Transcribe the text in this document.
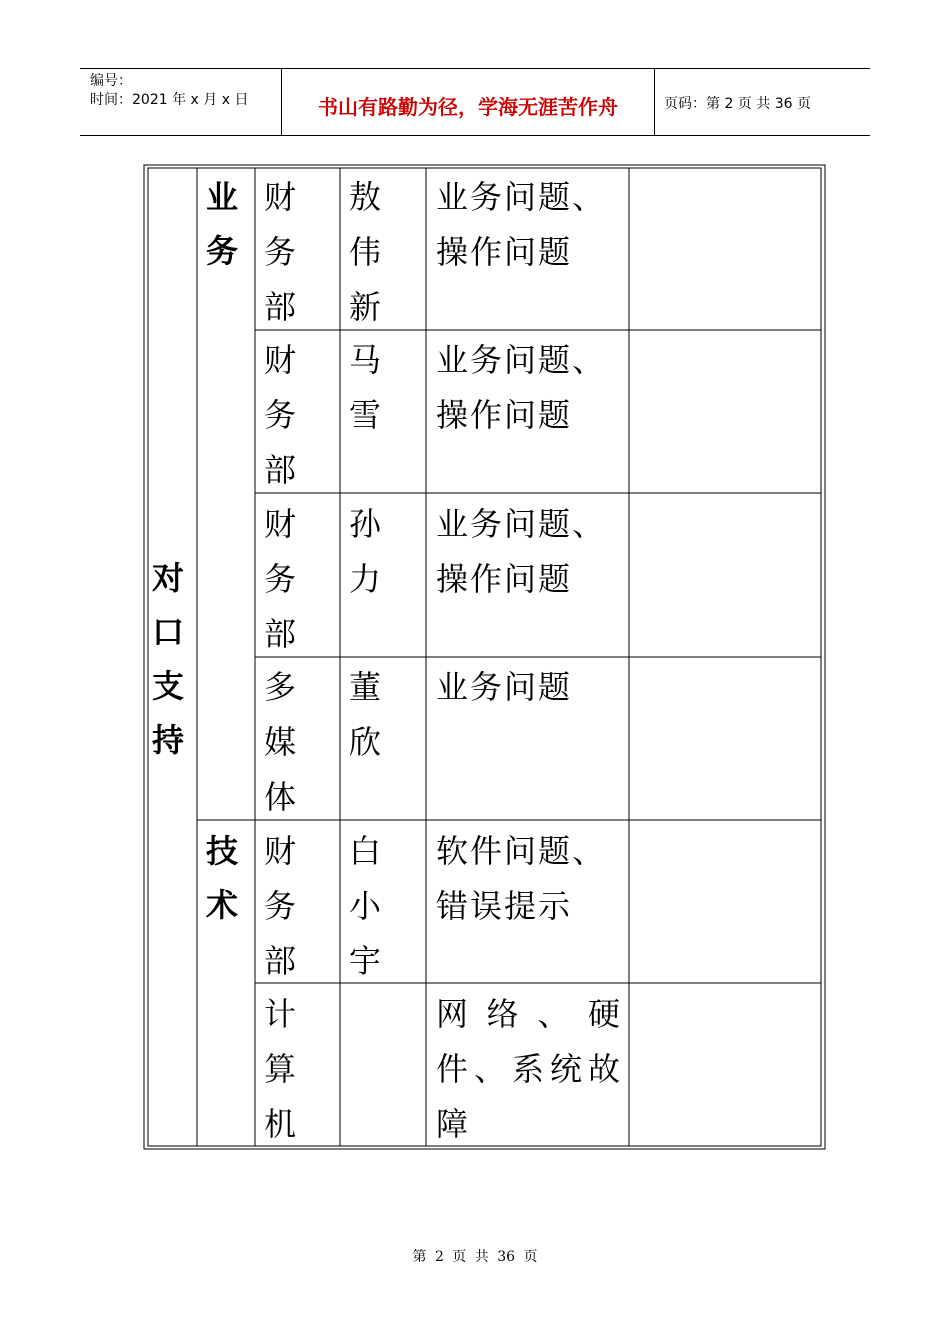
编号：
时间：2021 年 x 月 x 日	书山有路勤为径，学海无涯苦作舟	页码：第 2 页 共 36 页
对口支持
业务
技术
财务部
敖伟新
业务问题、操作问题
财务部
马雪
业务问题、操作问题
财务部
孙力
业务问题、操作问题
多媒体
董欣
业务问题
财务部
白小宇
软件问题、错误提示
计算机
网络、硬件、系统故障
第 2 页 共 36 页
